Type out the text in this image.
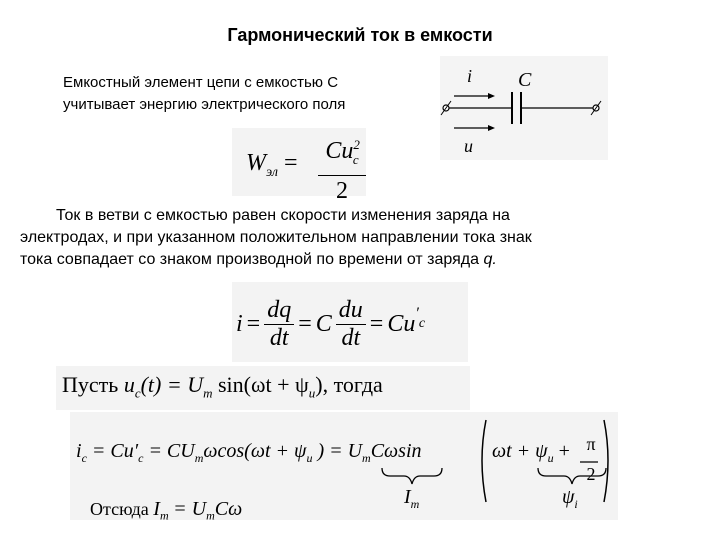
Гармонический ток в емкости
Емкостный элемент цепи с емкостью C
учитывает энергию электрического поля
i C
u
$W_{эл}$ =	$Cu^2_c$
2
Ток в ветви с емкостью равен скорости изменения заряда на
электродах, и при указанном положительном направлении тока знак
тока совпадает со знаком производной по времени от заряда q.
$i = \frac{dq}{dt} = C \frac{du}{dt} = Cu$ ′
$_c$
Пусть $u_c(t) = U_m$ $\sin(\omega t + \psi_u)$, тогда
$i_c = Cu'_c = CU_m\omega\cos(\omega t + \psi_u$ ) = $U_mC\omega\sin$	$\omega t + \psi_u + \pi$
2
$I_m$	$\psi_i$
Отсюда $I_m = U_mC\omega$
